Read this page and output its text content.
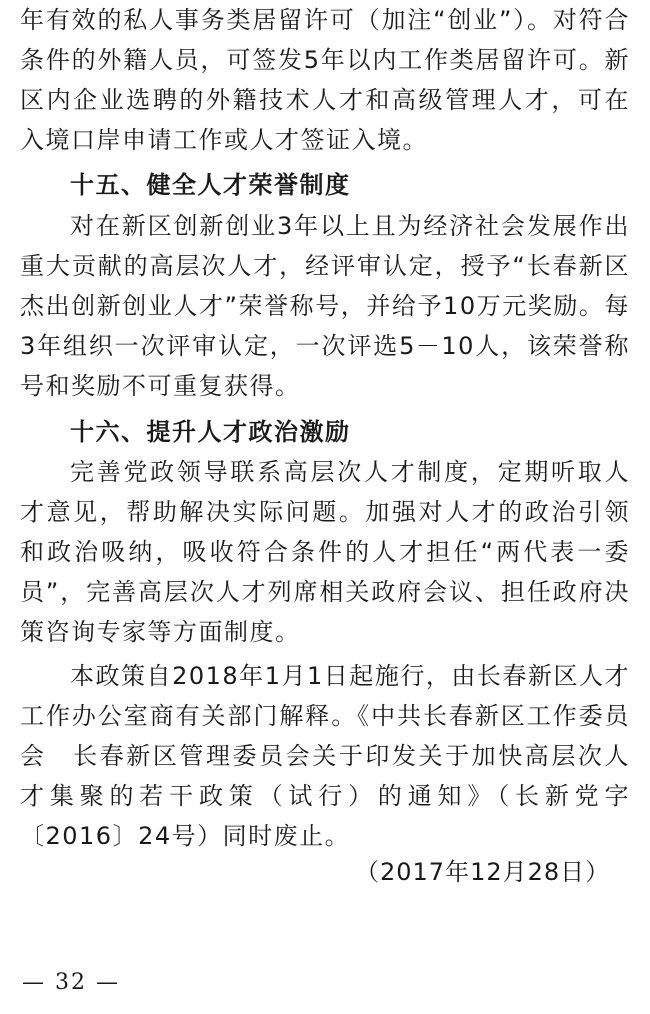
年有效的私人事务类居留许可（加注“创业”）。对符合条件的外籍人员，可签发5年以内工作类居留许可。新区内企业选聘的外籍技术人才和高级管理人才，可在入境口岸申请工作或人才签证入境。

十五、健全人才荣誉制度

对在新区创新创业3年以上且为经济社会发展作出重大贡献的高层次人才，经评审认定，授予“长春新区杰出创新创业人才”荣誉称号，并给予10万元奖励。每3年组织一次评审认定，一次评选5－10人，该荣誉称号和奖励不可重复获得。

十六、提升人才政治激励

完善党政领导联系高层次人才制度，定期听取人才意见，帮助解决实际问题。加强对人才的政治引领和政治吸纳，吸收符合条件的人才担任“两代表一委员”，完善高层次人才列席相关政府会议、担任政府决策咨询专家等方面制度。

本政策自2018年1月1日起施行，由长春新区人才工作办公室商有关部门解释。《中共长春新区工作委员会　长春新区管理委员会关于印发关于加快高层次人才集聚的若干政策（试行）的通知》（长新党字〔2016〕24号）同时废止。

（2017年12月28日）
— 32 —
